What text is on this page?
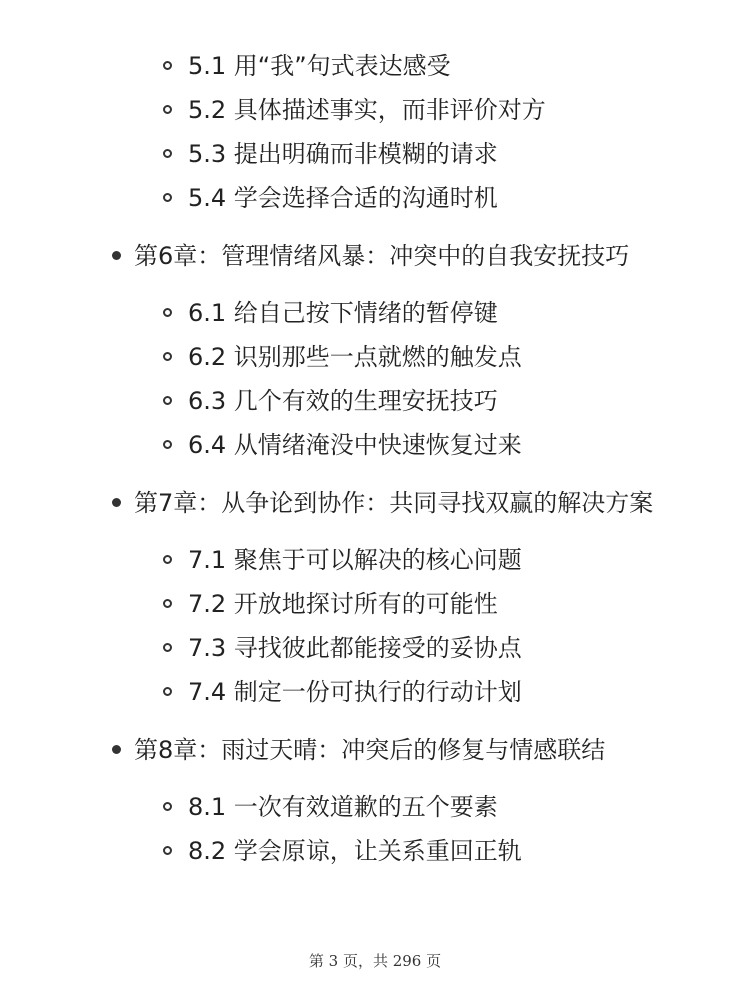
5.1 用“我”句式表达感受
5.2 具体描述事实，而非评价对方
5.3 提出明确而非模糊的请求
5.4 学会选择合适的沟通时机
第6章：管理情绪风暴：冲突中的自我安抚技巧
6.1 给自己按下情绪的暂停键
6.2 识别那些一点就燃的触发点
6.3 几个有效的生理安抚技巧
6.4 从情绪淹没中快速恢复过来
第7章：从争论到协作：共同寻找双赢的解决方案
7.1 聚焦于可以解决的核心问题
7.2 开放地探讨所有的可能性
7.3 寻找彼此都能接受的妥协点
7.4 制定一份可执行的行动计划
第8章：雨过天晴：冲突后的修复与情感联结
8.1 一次有效道歉的五个要素
8.2 学会原谅，让关系重回正轨
第 3 页，共 296 页
